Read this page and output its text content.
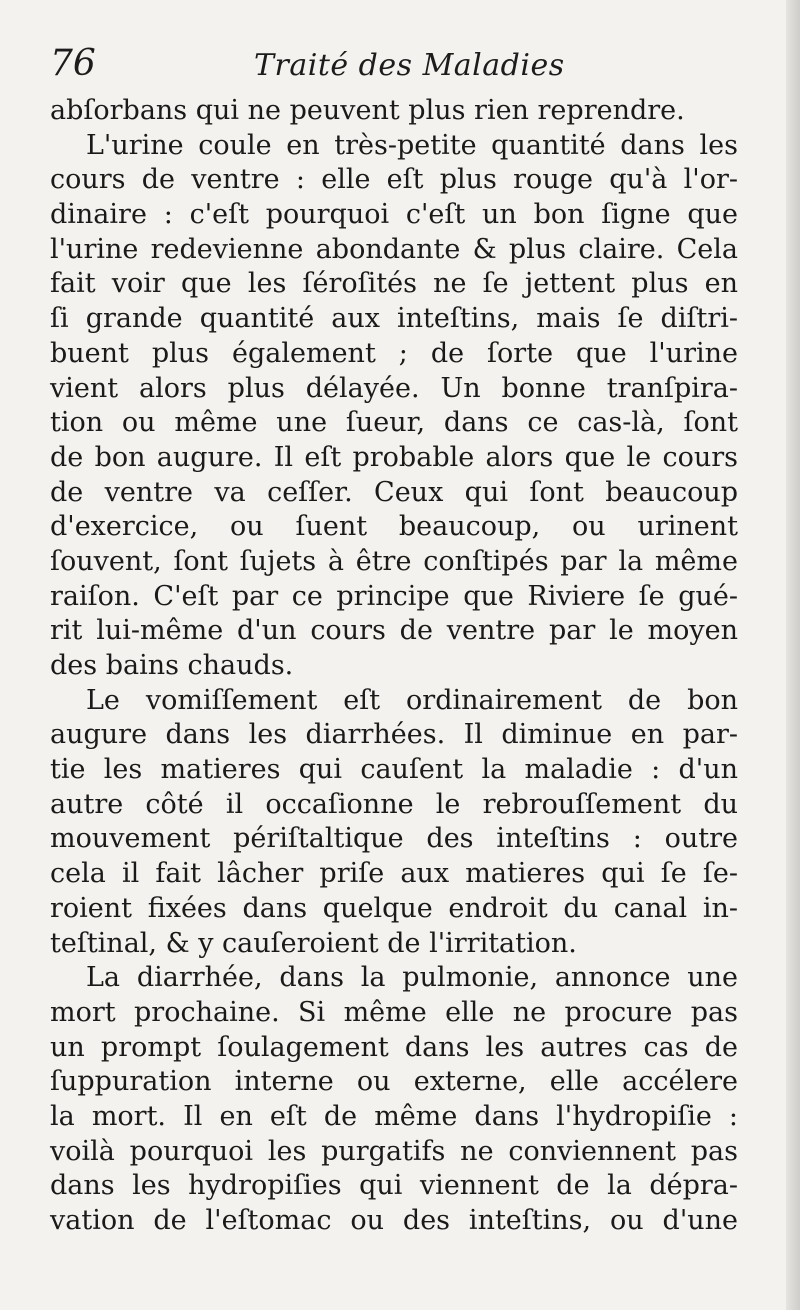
76	Traité des Maladies
abſorbans qui ne peuvent plus rien reprendre.
L'urine coule en très-petite quantité dans les
cours de ventre : elle eſt plus rouge qu'à l'or-
dinaire : c'eſt pourquoi c'eſt un bon ſigne que
l'urine redevienne abondante & plus claire. Cela
fait voir que les ſéroſités ne ſe jettent plus en
ſi grande quantité aux inteſtins, mais ſe diſtri-
buent plus également ; de ſorte que l'urine
vient alors plus délayée. Un bonne tranſpira-
tion ou même une ſueur, dans ce cas-là, ſont
de bon augure. Il eſt probable alors que le cours
de ventre va ceſſer. Ceux qui ſont beaucoup
d'exercice, ou ſuent beaucoup, ou urinent
ſouvent, ſont ſujets à être conſtipés par la même
raiſon. C'eſt par ce principe que Riviere ſe gué-
rit lui-même d'un cours de ventre par le moyen
des bains chauds.
Le vomiſſement eſt ordinairement de bon
augure dans les diarrhées. Il diminue en par-
tie les matieres qui cauſent la maladie : d'un
autre côté il occaſionne le rebrouſſement du
mouvement périſtaltique des inteſtins : outre
cela il fait lâcher priſe aux matieres qui ſe ſe-
roient fixées dans quelque endroit du canal in-
teſtinal, & y cauſeroient de l'irritation.
La diarrhée, dans la pulmonie, annonce une
mort prochaine. Si même elle ne procure pas
un prompt ſoulagement dans les autres cas de
ſuppuration interne ou externe, elle accélere
la mort. Il en eſt de même dans l'hydropiſie :
voilà pourquoi les purgatifs ne conviennent pas
dans les hydropiſies qui viennent de la dépra-
vation de l'eſtomac ou des inteſtins, ou d'une
